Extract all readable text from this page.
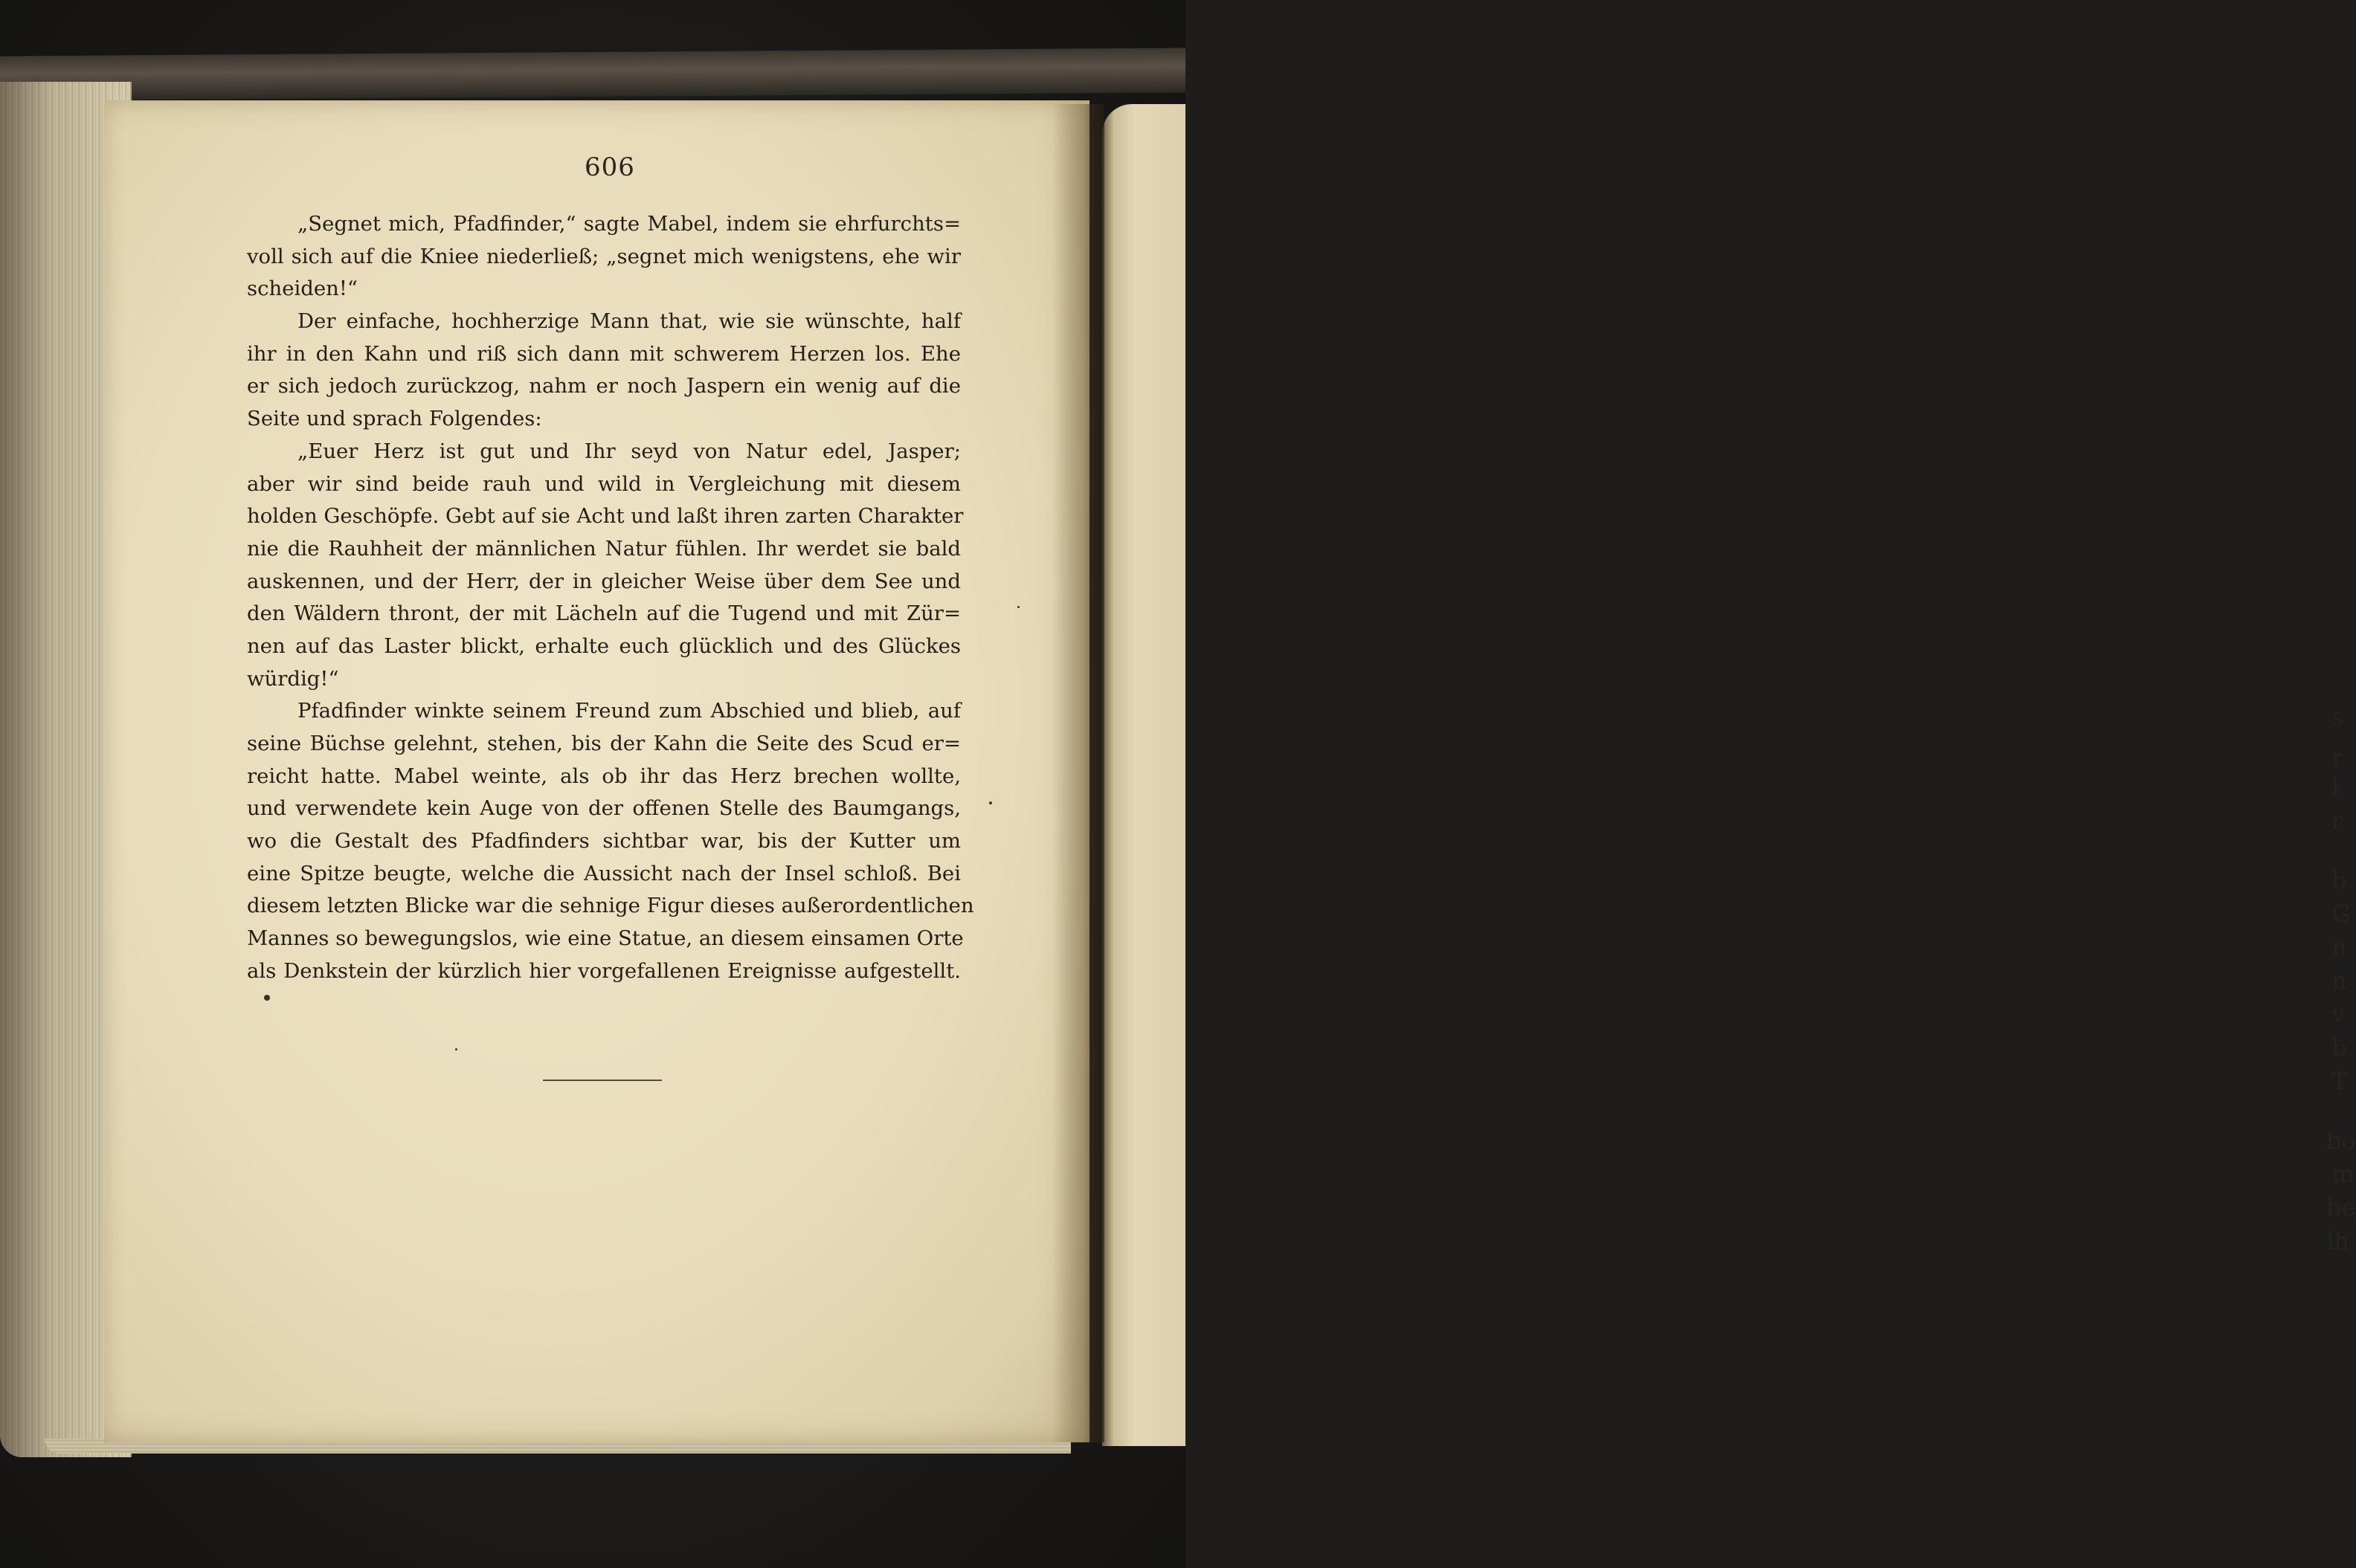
s
r
l
r
b
G
n
n
v
b
T
bo
m
be
ih
606
„Segnet mich, Pfadfinder,“ sagte Mabel, indem sie ehrfurchts=
voll sich auf die Kniee niederließ; „segnet mich wenigstens, ehe wir
scheiden!“
Der einfache, hochherzige Mann that, wie sie wünschte, half
ihr in den Kahn und riß sich dann mit schwerem Herzen los. Ehe
er sich jedoch zurückzog, nahm er noch Jaspern ein wenig auf die
Seite und sprach Folgendes:
„Euer Herz ist gut und Ihr seyd von Natur edel, Jasper;
aber wir sind beide rauh und wild in Vergleichung mit diesem
holden Geschöpfe. Gebt auf sie Acht und laßt ihren zarten Charakter
nie die Rauhheit der männlichen Natur fühlen. Ihr werdet sie bald
auskennen, und der Herr, der in gleicher Weise über dem See und
den Wäldern thront, der mit Lächeln auf die Tugend und mit Zür=
nen auf das Laster blickt, erhalte euch glücklich und des Glückes
würdig!“
Pfadfinder winkte seinem Freund zum Abschied und blieb, auf
seine Büchse gelehnt, stehen, bis der Kahn die Seite des Scud er=
reicht hatte. Mabel weinte, als ob ihr das Herz brechen wollte,
und verwendete kein Auge von der offenen Stelle des Baumgangs,
wo die Gestalt des Pfadfinders sichtbar war, bis der Kutter um
eine Spitze beugte, welche die Aussicht nach der Insel schloß. Bei
diesem letzten Blicke war die sehnige Figur dieses außerordentlichen
Mannes so bewegungslos, wie eine Statue, an diesem einsamen Orte
als Denkstein der kürzlich hier vorgefallenen Ereignisse aufgestellt.
